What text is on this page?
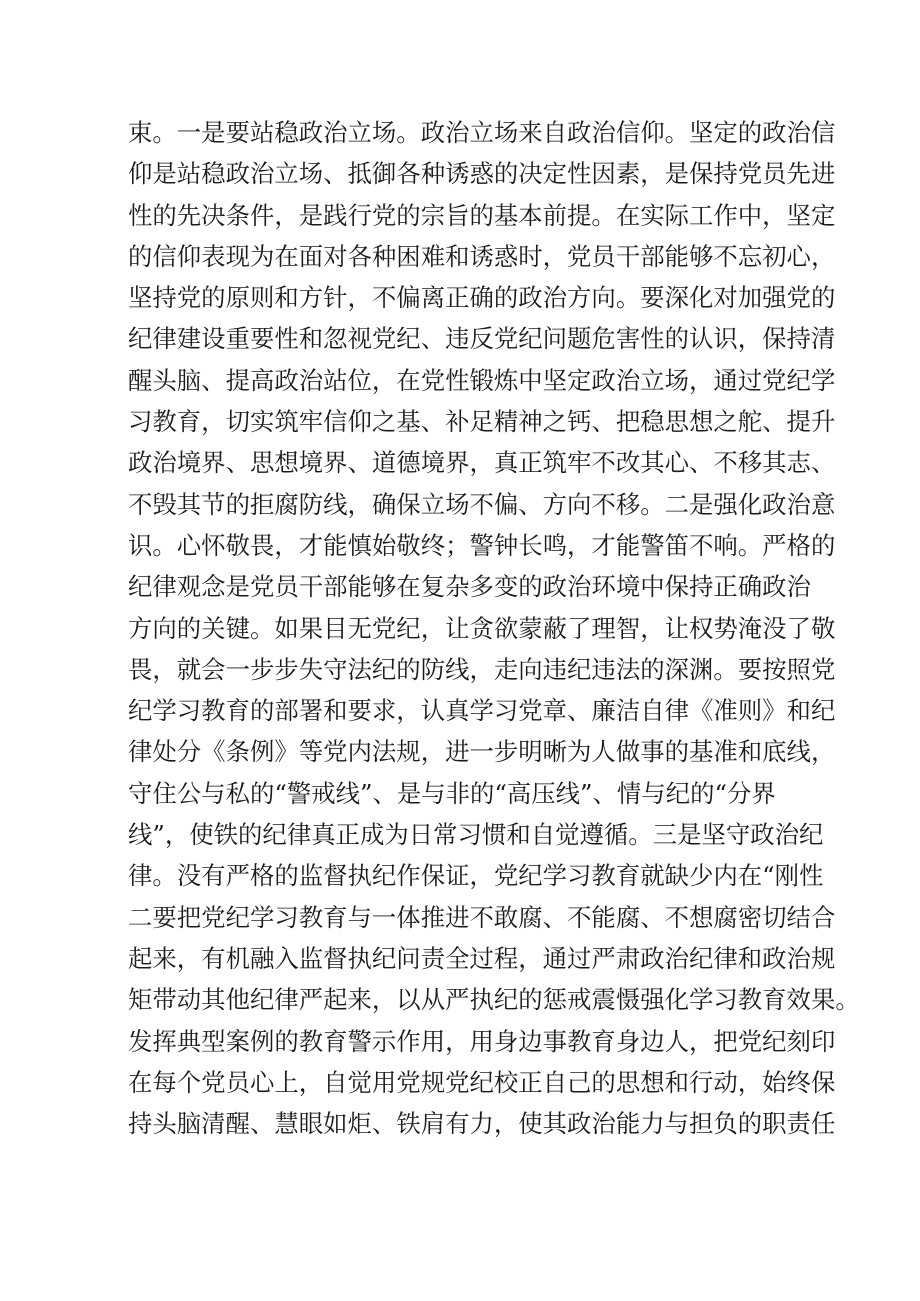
束。一是要站稳政治立场。政治立场来自政治信仰。坚定的政治信
仰是站稳政治立场、抵御各种诱惑的决定性因素，是保持党员先进
性的先决条件，是践行党的宗旨的基本前提。在实际工作中，坚定
的信仰表现为在面对各种困难和诱惑时，党员干部能够不忘初心，
坚持党的原则和方针，不偏离正确的政治方向。要深化对加强党的
纪律建设重要性和忽视党纪、违反党纪问题危害性的认识，保持清
醒头脑、提高政治站位，在党性锻炼中坚定政治立场，通过党纪学
习教育，切实筑牢信仰之基、补足精神之钙、把稳思想之舵、提升
政治境界、思想境界、道德境界，真正筑牢不改其心、不移其志、
不毁其节的拒腐防线，确保立场不偏、方向不移。二是强化政治意
识。心怀敬畏，才能慎始敬终；警钟长鸣，才能警笛不响。严格的
纪律观念是党员干部能够在复杂多变的政治环境中保持正确政治
方向的关键。如果目无党纪，让贪欲蒙蔽了理智，让权势淹没了敬
畏，就会一步步失守法纪的防线，走向违纪违法的深渊。要按照党
纪学习教育的部署和要求，认真学习党章、廉洁自律《准则》和纪
律处分《条例》等党内法规，进一步明晰为人做事的基准和底线，
守住公与私的“警戒线”、是与非的“高压线”、情与纪的“分界
线”，使铁的纪律真正成为日常习惯和自觉遵循。三是坚守政治纪
律。没有严格的监督执纪作保证，党纪学习教育就缺少内在“刚性
二要把党纪学习教育与一体推进不敢腐、不能腐、不想腐密切结合
起来，有机融入监督执纪问责全过程，通过严肃政治纪律和政治规
矩带动其他纪律严起来，以从严执纪的惩戒震慑强化学习教育效果。
发挥典型案例的教育警示作用，用身边事教育身边人，把党纪刻印
在每个党员心上，自觉用党规党纪校正自己的思想和行动，始终保
持头脑清醒、慧眼如炬、铁肩有力，使其政治能力与担负的职责任
